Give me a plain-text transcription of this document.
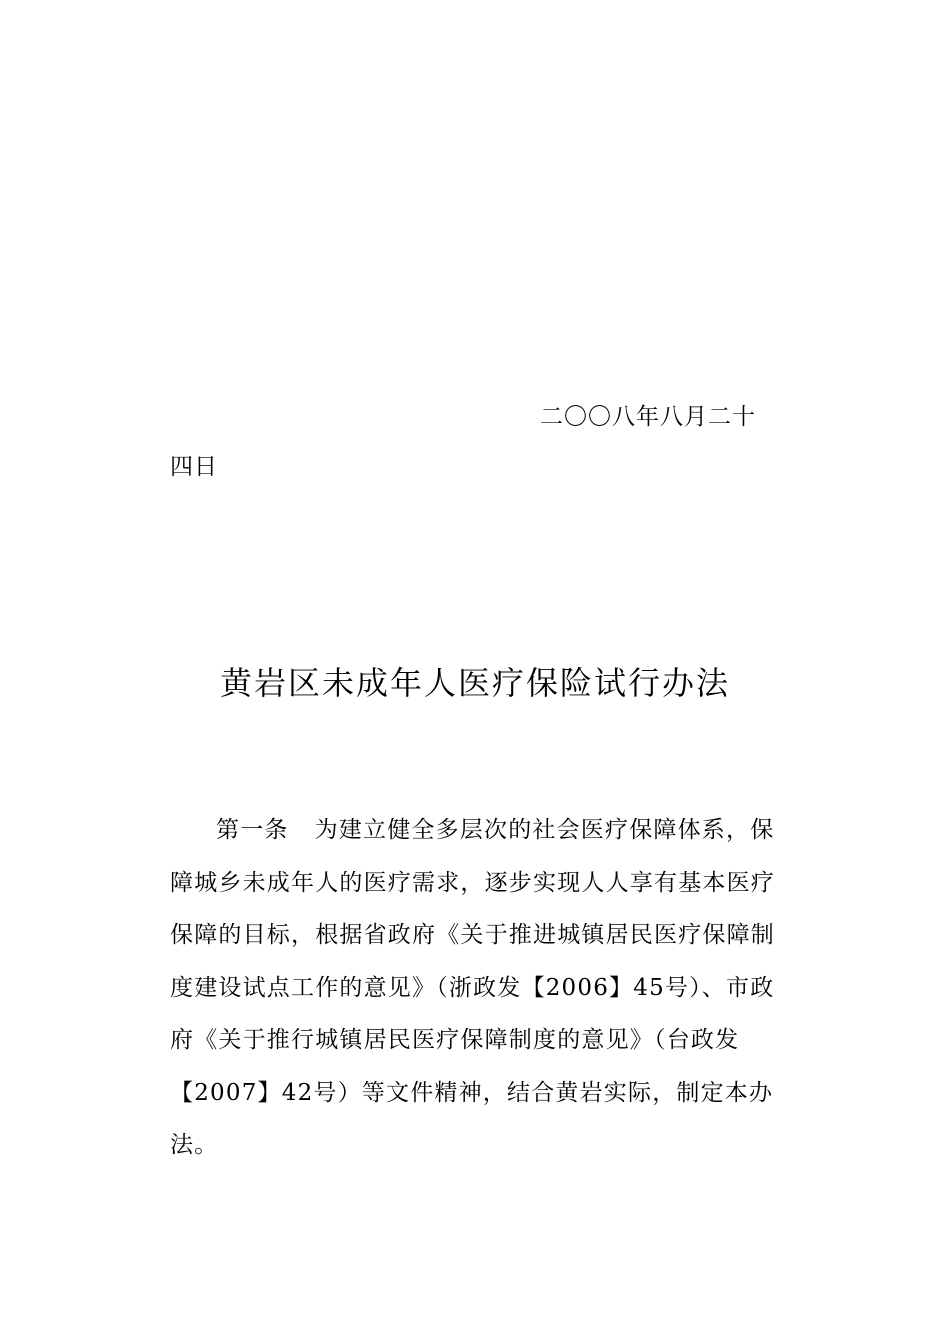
二〇〇八年八月二十
四日
黄岩区未成年人医疗保险试行办法
第一条 为建立健全多层次的社会医疗保障体系，保障城乡未成年人的医疗需求，逐步实现人人享有基本医疗保障的目标，根据省政府《关于推进城镇居民医疗保障制度建设试点工作的意见》（浙政发【2006】45号）、市政府《关于推行城镇居民医疗保障制度的意见》（台政发【2007】42号）等文件精神，结合黄岩实际，制定本办法。
